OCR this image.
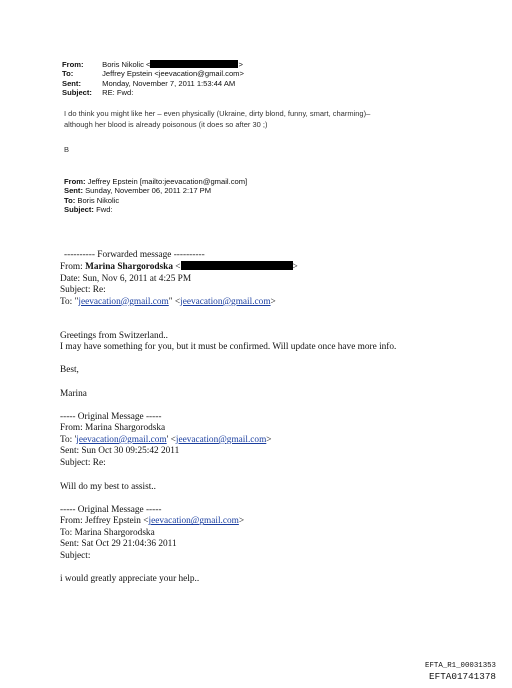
From: Boris Nikolic <	>
To:	Jeffrey Epstein <jeevacation@gmail.com>
Sent:	Monday, November 7, 2011 1:53:44 AM
Subject: RE: Fwd:
I do think you might like her – even physically (Ukraine, dirty blond, funny, smart, charming)–
although her blood is already poisonous (it does so after 30 ;)
B
From: Jeffrey Epstein [mailto:jeevacation@gmail.com]
Sent: Sunday, November 06, 2011 2:17 PM
To: Boris Nikolic
Subject: Fwd:
---------- Forwarded message ----------
From: Marina Shargorodska <	>
Date: Sun, Nov 6, 2011 at 4:25 PM
Subject: Re:
To: "jeevacation@gmail.com" <jeevacation@gmail.com>
Greetings from Switzerland..
I may have something for you, but it must be confirmed. Will update once have more info.
Best,
Marina
----- Original Message -----
From: Marina Shargorodska
To: 'jeevacation@gmail.com' <jeevacation@gmail.com>
Sent: Sun Oct 30 09:25:42 2011
Subject: Re:
Will do my best to assist..
----- Original Message -----
From: Jeffrey Epstein <jeevacation@gmail.com>
To: Marina Shargorodska
Sent: Sat Oct 29 21:04:36 2011
Subject:
i would greatly appreciate your help..
EFTA_R1_00031353
EFTA01741378
